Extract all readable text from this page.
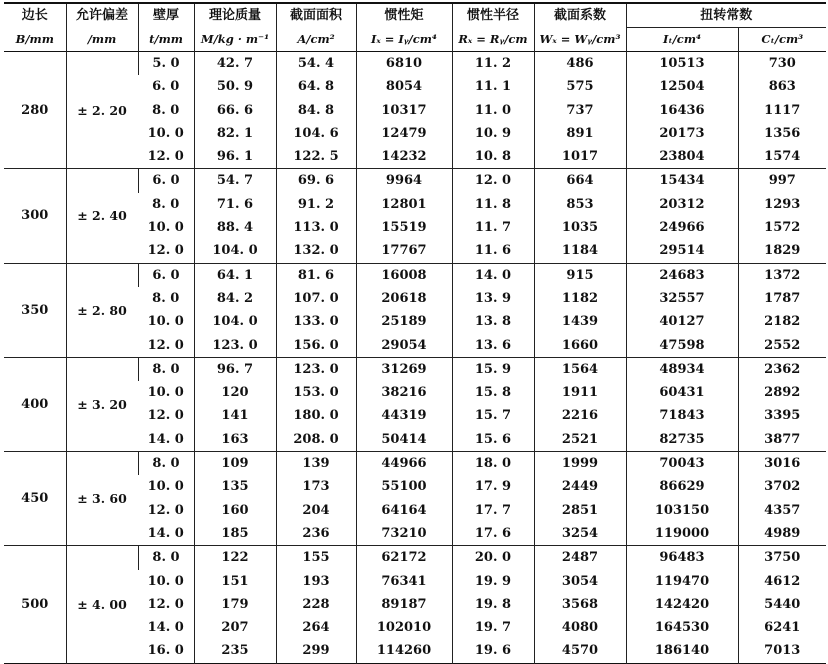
边长	允许偏差	壁厚	理论质量	截面面积	惯性矩	惯性半径	截面系数	扭转常数	
B/mm	/mm	t/mm	M/kg · m⁻¹	A/cm²	Iₓ = Iᵧ/cm⁴	Rₓ = Rᵧ/cm	Wₓ = Wᵧ/cm³	Iₜ/cm⁴	Cₜ/cm³
280	± 2. 20	5. 0	42. 7	54. 4	6810	11. 2	486	10513	730
		6. 0	50. 9	64. 8	8054	11. 1	575	12504	863
		8. 0	66. 6	84. 8	10317	11. 0	737	16436	1117
		10. 0	82. 1	104. 6	12479	10. 9	891	20173	1356
		12. 0	96. 1	122. 5	14232	10. 8	1017	23804	1574
300	± 2. 40	6. 0	54. 7	69. 6	9964	12. 0	664	15434	997
		8. 0	71. 6	91. 2	12801	11. 8	853	20312	1293
		10. 0	88. 4	113. 0	15519	11. 7	1035	24966	1572
		12. 0	104. 0	132. 0	17767	11. 6	1184	29514	1829
350	± 2. 80	6. 0	64. 1	81. 6	16008	14. 0	915	24683	1372
		8. 0	84. 2	107. 0	20618	13. 9	1182	32557	1787
		10. 0	104. 0	133. 0	25189	13. 8	1439	40127	2182
		12. 0	123. 0	156. 0	29054	13. 6	1660	47598	2552
400	± 3. 20	8. 0	96. 7	123. 0	31269	15. 9	1564	48934	2362
		10. 0	120	153. 0	38216	15. 8	1911	60431	2892
		12. 0	141	180. 0	44319	15. 7	2216	71843	3395
		14. 0	163	208. 0	50414	15. 6	2521	82735	3877
450	± 3. 60	8. 0	109	139	44966	18. 0	1999	70043	3016
		10. 0	135	173	55100	17. 9	2449	86629	3702
		12. 0	160	204	64164	17. 7	2851	103150	4357
		14. 0	185	236	73210	17. 6	3254	119000	4989
500	± 4. 00	8. 0	122	155	62172	20. 0	2487	96483	3750
		10. 0	151	193	76341	19. 9	3054	119470	4612
		12. 0	179	228	89187	19. 8	3568	142420	5440
		14. 0	207	264	102010	19. 7	4080	164530	6241
		16. 0	235	299	114260	19. 6	4570	186140	7013
